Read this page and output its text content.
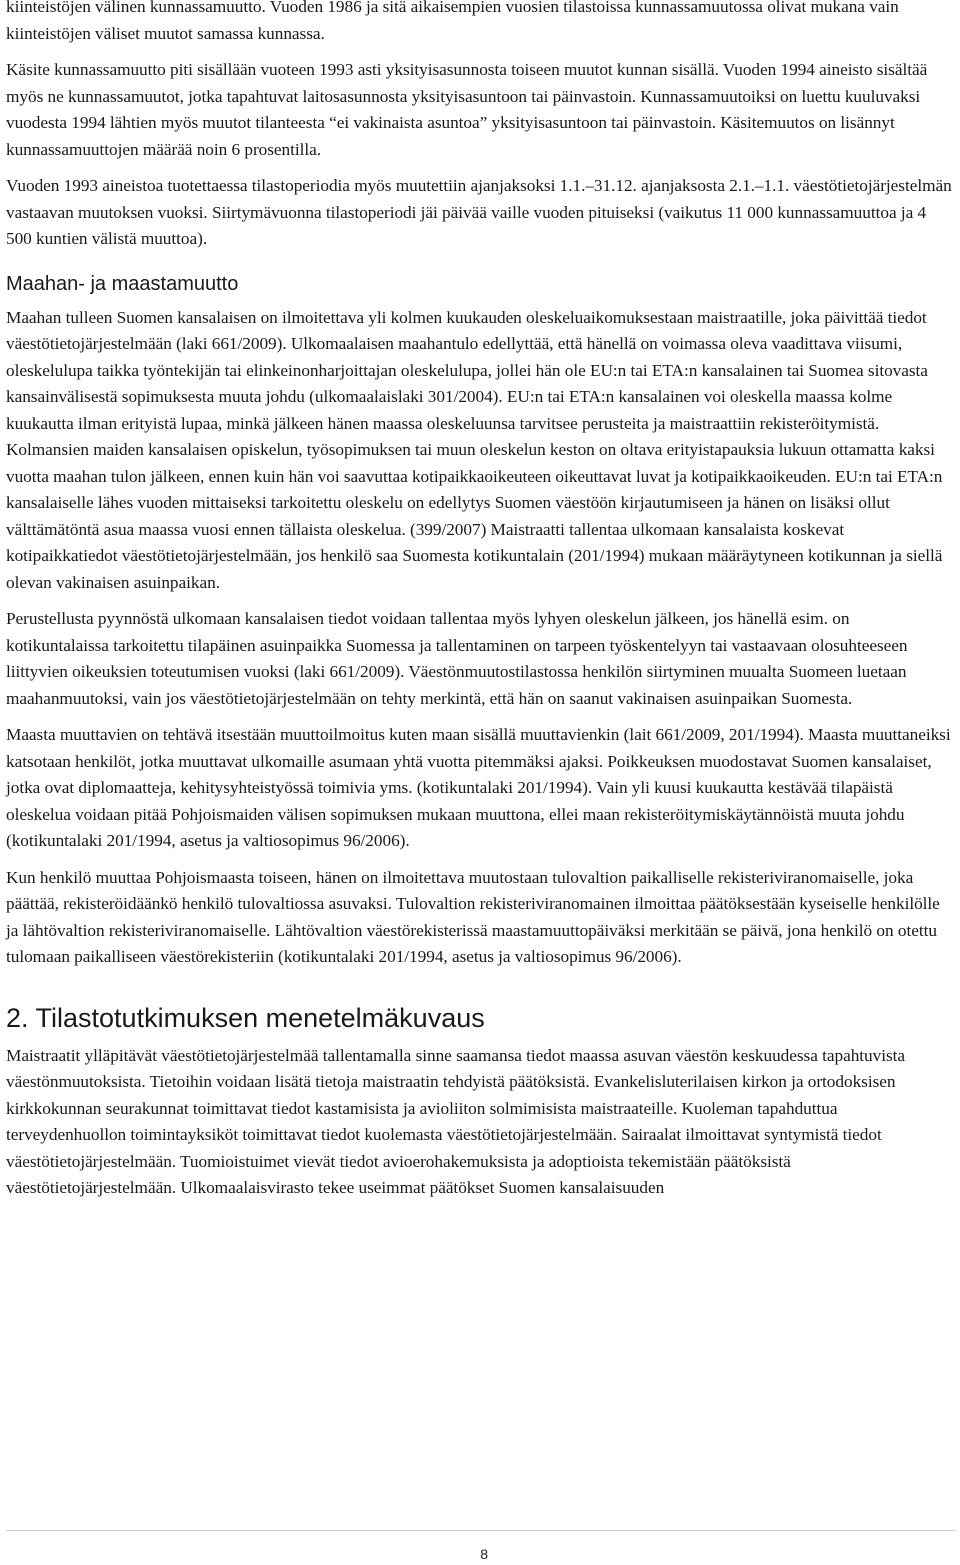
kiinteistöjen välinen kunnassamuutto. Vuoden 1986 ja sitä aikaisempien vuosien tilastoissa kunnassamuutossa olivat mukana vain kiinteistöjen väliset muutot samassa kunnassa.

Käsite kunnassamuutto piti sisällään vuoteen 1993 asti yksityisasunnosta toiseen muutot kunnan sisällä. Vuoden 1994 aineisto sisältää myös ne kunnassamuutot, jotka tapahtuvat laitosasunnosta yksityisasuntoon tai päinvastoin. Kunnassamuutoiksi on luettu kuuluvaksi vuodesta 1994 lähtien myös muutot tilanteesta “ei vakinaista asuntoa” yksityisasuntoon tai päinvastoin. Käsitemuutos on lisännyt kunnassamuuttojen määrää noin 6 prosentilla.

Vuoden 1993 aineistoa tuotettaessa tilastoperiodia myös muutettiin ajanjaksoksi 1.1.–31.12. ajanjaksosta 2.1.–1.1. väestötietojärjestelmän vastaavan muutoksen vuoksi. Siirtymävuonna tilastoperiodi jäi päivää vaille vuoden pituiseksi (vaikutus 11 000 kunnassamuuttoa ja 4 500 kuntien välistä muuttoa).

Maahan- ja maastamuutto

Maahan tulleen Suomen kansalaisen on ilmoitettava yli kolmen kuukauden oleskeluaikomuksestaan maistraatille, joka päivittää tiedot väestötietojärjestelmään (laki 661/2009). Ulkomaalaisen maahantulo edellyttää, että hänellä on voimassa oleva vaadittava viisumi, oleskelulupa taikka työntekijän tai elinkeinonharjoittajan oleskelulupa, jollei hän ole EU:n tai ETA:n kansalainen tai Suomea sitovasta kansainvälisestä sopimuksesta muuta johdu (ulkomaalaislaki 301/2004). EU:n tai ETA:n kansalainen voi oleskella maassa kolme kuukautta ilman erityistä lupaa, minkä jälkeen hänen maassa oleskeluunsa tarvitsee perusteita ja maistraattiin rekisteröitymistä. Kolmansien maiden kansalaisen opiskelun, työsopimuksen tai muun oleskelun keston on oltava erityistapauksia lukuun ottamatta kaksi vuotta maahan tulon jälkeen, ennen kuin hän voi saavuttaa kotipaikkaoikeuteen oikeuttavat luvat ja kotipaikkaoikeuden. EU:n tai ETA:n kansalaiselle lähes vuoden mittaiseksi tarkoitettu oleskelu on edellytys Suomen väestöön kirjautumiseen ja hänen on lisäksi ollut välttämätöntä asua maassa vuosi ennen tällaista oleskelua. (399/2007) Maistraatti tallentaa ulkomaan kansalaista koskevat kotipaikkatiedot väestötietojärjestelmään, jos henkilö saa Suomesta kotikuntalain (201/1994) mukaan määräytyneen kotikunnan ja siellä olevan vakinaisen asuinpaikan.

Perustellusta pyynnöstä ulkomaan kansalaisen tiedot voidaan tallentaa myös lyhyen oleskelun jälkeen, jos hänellä esim. on kotikuntalaissa tarkoitettu tilapäinen asuinpaikka Suomessa ja tallentaminen on tarpeen työskentelyyn tai vastaavaan olosuhteeseen liittyvien oikeuksien toteutumisen vuoksi (laki 661/2009). Väestönmuutostilastossa henkilön siirtyminen muualta Suomeen luetaan maahanmuutoksi, vain jos väestötietojärjestelmään on tehty merkintä, että hän on saanut vakinaisen asuinpaikan Suomesta.

Maasta muuttavien on tehtävä itsestään muuttoilmoitus kuten maan sisällä muuttavienkin (lait 661/2009, 201/1994). Maasta muuttaneiksi katsotaan henkilöt, jotka muuttavat ulkomaille asumaan yhtä vuotta pitemmäksi ajaksi. Poikkeuksen muodostavat Suomen kansalaiset, jotka ovat diplomaatteja, kehitysyhteistyössä toimivia yms. (kotikuntalaki 201/1994). Vain yli kuusi kuukautta kestävää tilapäistä oleskelua voidaan pitää Pohjoismaiden välisen sopimuksen mukaan muuttona, ellei maan rekisteröitymiskäytännöistä muuta johdu (kotikuntalaki 201/1994, asetus ja valtiosopimus 96/2006).

Kun henkilö muuttaa Pohjoismaasta toiseen, hänen on ilmoitettava muutostaan tulovaltion paikalliselle rekisteriviranomaiselle, joka päättää, rekisteröidäänkö henkilö tulovaltiossa asuvaksi. Tulovaltion rekisteriviranomainen ilmoittaa päätöksestään kyseiselle henkilölle ja lähtövaltion rekisteriviranomaiselle. Lähtövaltion väestörekisterissä maastamuuttopäiväksi merkitään se päivä, jona henkilö on otettu tulomaan paikalliseen väestörekisteriin (kotikuntalaki 201/1994, asetus ja valtiosopimus 96/2006).

2. Tilastotutkimuksen menetelmäkuvaus

Maistraatit ylläpitävät väestötietojärjestelmää tallentamalla sinne saamansa tiedot maassa asuvan väestön keskuudessa tapahtuvista väestönmuutoksista. Tietoihin voidaan lisätä tietoja maistraatin tehdyistä päätöksistä. Evankelisluterilaisen kirkon ja ortodoksisen kirkkokunnan seurakunnat toimittavat tiedot kastamisista ja avioliiton solmimisista maistraateille. Kuoleman tapahduttua terveydenhuollon toimintayksiköt toimittavat tiedot kuolemasta väestötietojärjestelmään. Sairaalat ilmoittavat syntymistä tiedot väestötietojärjestelmään. Tuomioistuimet vievät tiedot avioerohakemuksista ja adoptioista tekemistään päätöksistä väestötietojärjestelmään. Ulkomaalaisvirasto tekee useimmat päätökset Suomen kansalaisuuden

8
